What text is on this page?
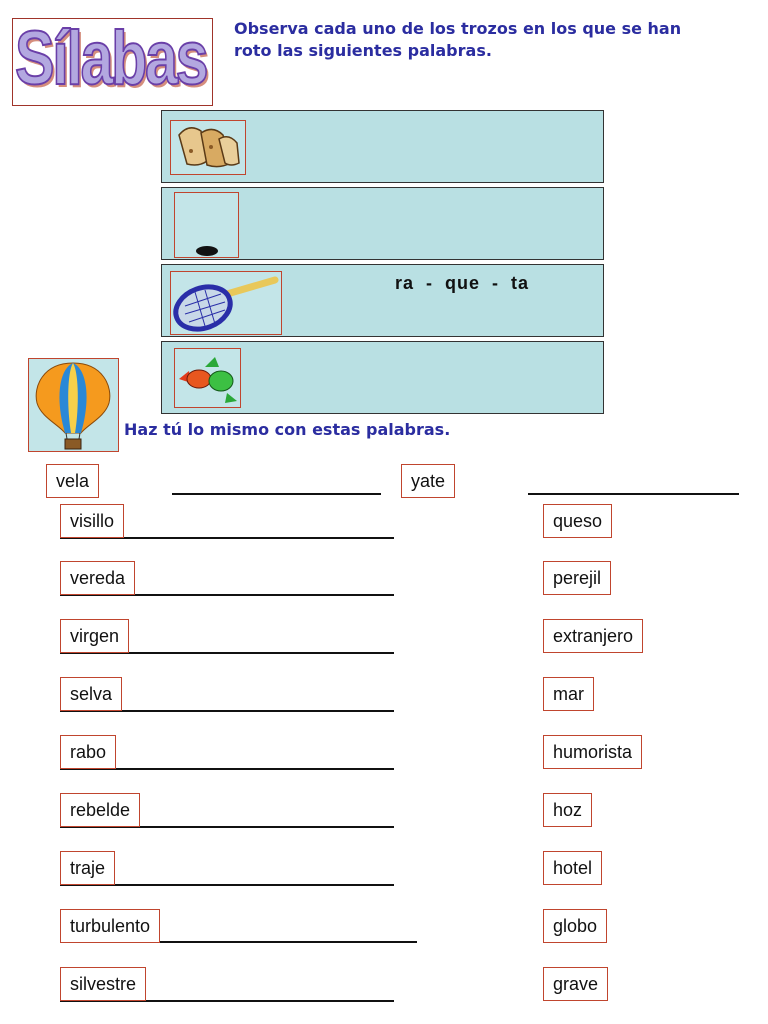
Sílabas Observa cada uno de los trozos en los que se han roto las siguientes palabras.
ra - que - ta
Haz tú lo mismo con estas palabras.
vela	yate
visillo
vereda
virgen
selva
rabo
rebelde
traje
turbulento
silvestre
queso
perejil
extranjero
mar
humorista
hoz
hotel
globo
grave
